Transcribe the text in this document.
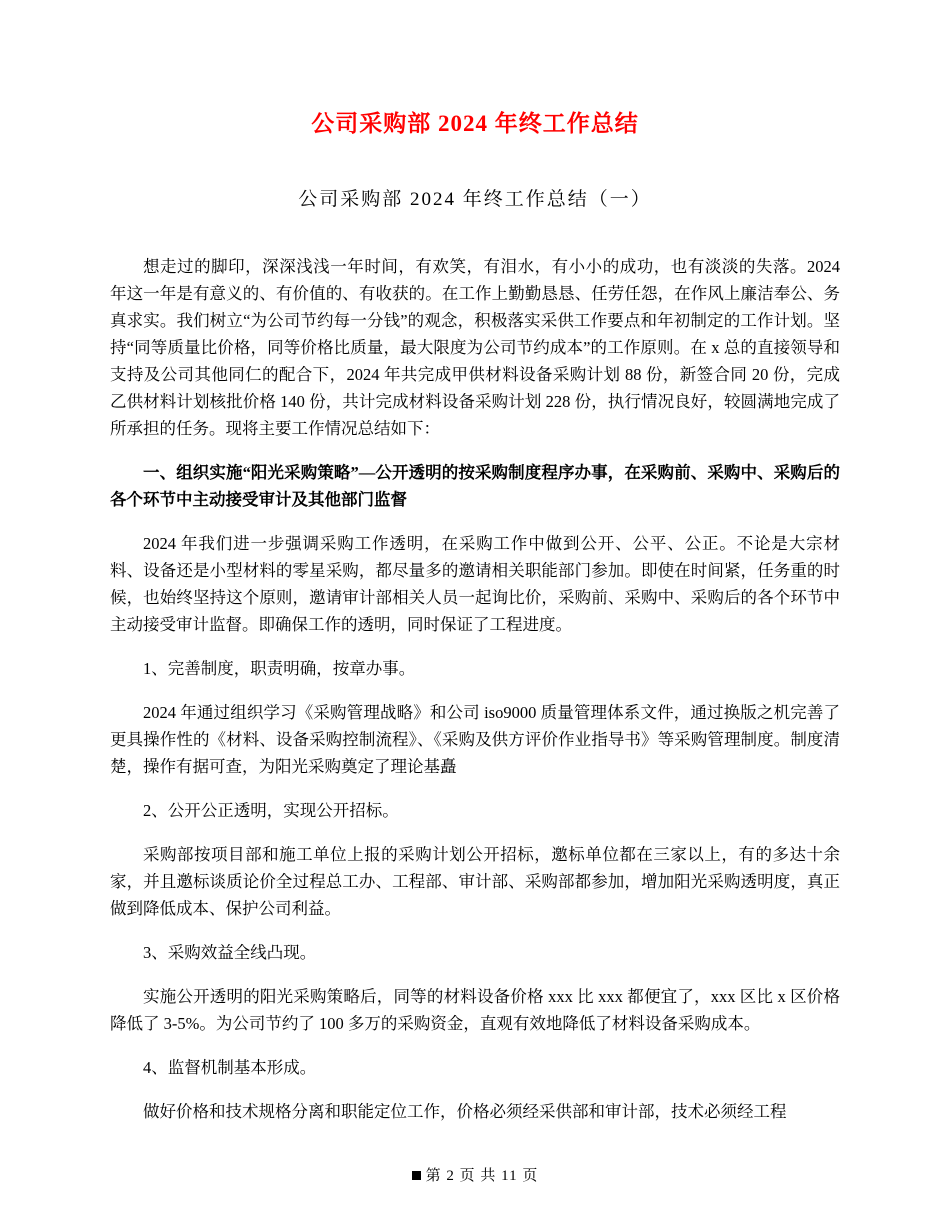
公司采购部 2024 年终工作总结
公司采购部 2024 年终工作总结（一）

想走过的脚印，深深浅浅一年时间，有欢笑，有泪水，有小小的成功，也有淡淡的失落。2024 年这一年是有意义的、有价值的、有收获的。在工作上勤勤恳恳、任劳任怨，在作风上廉洁奉公、务真求实。我们树立“为公司节约每一分钱”的观念，积极落实采供工作要点和年初制定的工作计划。坚持“同等质量比价格，同等价格比质量，最大限度为公司节约成本”的工作原则。在 x 总的直接领导和支持及公司其他同仁的配合下，2024 年共完成甲供材料设备采购计划 88 份，新签合同 20 份，完成乙供材料计划核批价格 140 份，共计完成材料设备采购计划 228 份，执行情况良好，较圆满地完成了所承担的任务。现将主要工作情况总结如下：

一、组织实施“阳光采购策略”—公开透明的按采购制度程序办事，在采购前、采购中、采购后的各个环节中主动接受审计及其他部门监督

2024 年我们进一步强调采购工作透明，在采购工作中做到公开、公平、公正。不论是大宗材料、设备还是小型材料的零星采购，都尽量多的邀请相关职能部门参加。即使在时间紧，任务重的时候，也始终坚持这个原则，邀请审计部相关人员一起询比价，采购前、采购中、采购后的各个环节中主动接受审计监督。即确保工作的透明，同时保证了工程进度。

1、完善制度，职责明确，按章办事。

2024 年通过组织学习《采购管理战略》和公司 iso9000 质量管理体系文件，通过换版之机完善了更具操作性的《材料、设备采购控制流程》、《采购及供方评价作业指导书》等采购管理制度。制度清楚，操作有据可查，为阳光采购奠定了理论基矗

2、公开公正透明，实现公开招标。

采购部按项目部和施工单位上报的采购计划公开招标，邀标单位都在三家以上，有的多达十余家，并且邀标谈质论价全过程总工办、工程部、审计部、采购部都参加，增加阳光采购透明度，真正做到降低成本、保护公司利益。

3、采购效益全线凸现。

实施公开透明的阳光采购策略后，同等的材料设备价格 xxx 比 xxx 都便宜了，xxx 区比 x 区价格降低了 3-5%。为公司节约了 100 多万的采购资金，直观有效地降低了材料设备采购成本。

4、监督机制基本形成。

做好价格和技术规格分离和职能定位工作，价格必须经采供部和审计部，技术必须经工程

第 2 页 共 11 页
